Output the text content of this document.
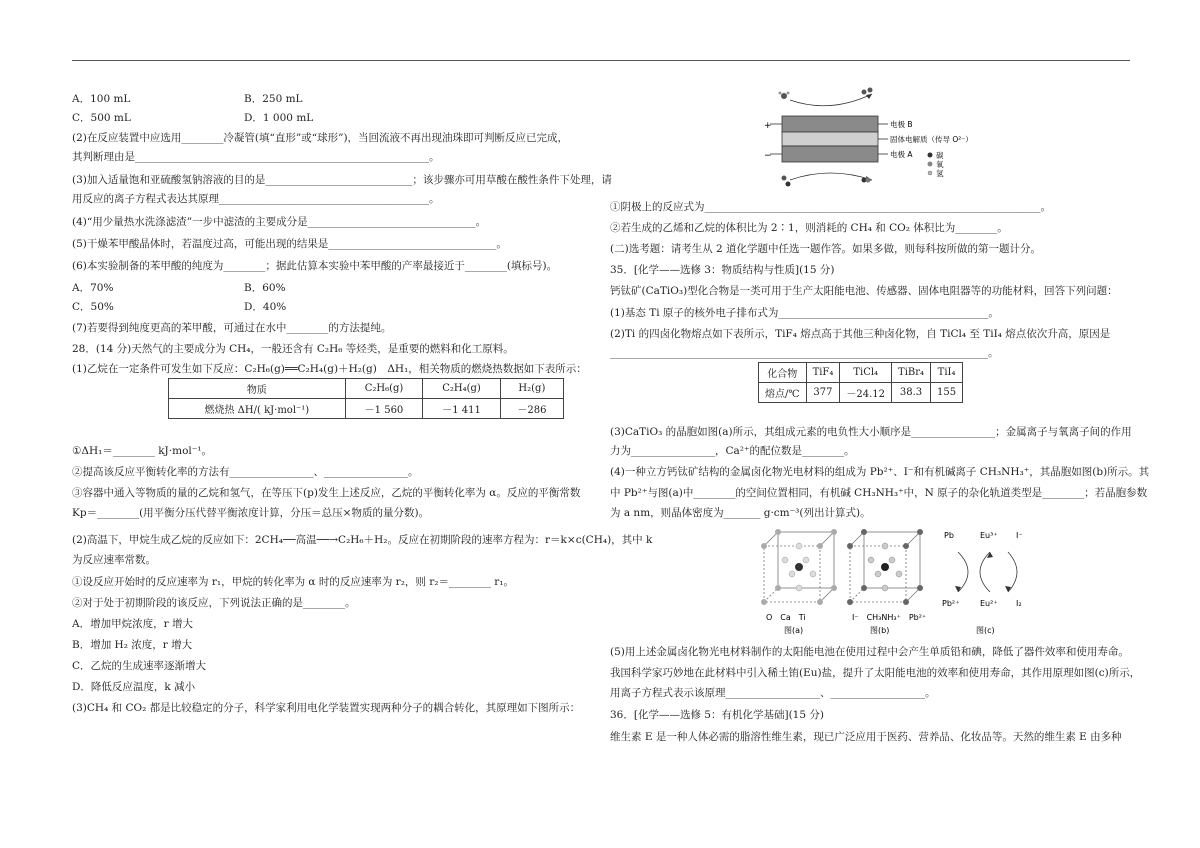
A．100 mL	B．250 mL
C．500 mL	D．1 000 mL
(2)在反应装置中应选用________冷凝管(填“直形”或“球形”)，当回流液不再出现油珠即可判断反应已完成，
其判断理由是________________________________________________________。
(3)加入适量饱和亚硫酸氢钠溶液的目的是____________________________；该步骤亦可用草酸在酸性条件下处理，请
用反应的离子方程式表达其原理________________________________________。
(4)“用少量热水洗涤滤渣”一步中滤渣的主要成分是________________________________。
(5)干燥苯甲酸晶体时，若温度过高，可能出现的结果是________________________________。
(6)本实验制备的苯甲酸的纯度为________；据此估算本实验中苯甲酸的产率最接近于________(填标号)。
A．70%	B．60%
C．50%	D．40%
(7)若要得到纯度更高的苯甲酸，可通过在水中________的方法提纯。
28．(14 分)天然气的主要成分为 CH₄，一般还含有 C₂H₆ 等烃类，是重要的燃料和化工原料。
(1)乙烷在一定条件可发生如下反应：C₂H₆(g)══C₂H₄(g)＋H₂(g)　ΔH₁，相关物质的燃烧热数据如下表所示：
物质	C₂H₆(g)	C₂H₄(g)	H₂(g)
燃烧热 ΔH/( kJ·mol⁻¹)	－1 560	－1 411	－286
①ΔH₁＝________ kJ·mol⁻¹。
②提高该反应平衡转化率的方法有________________、________________。
③容器中通入等物质的量的乙烷和氢气，在等压下(p)发生上述反应，乙烷的平衡转化率为 α。反应的平衡常数
Kp＝________(用平衡分压代替平衡浓度计算，分压＝总压×物质的量分数)。
(2)高温下，甲烷生成乙烷的反应如下：2CH₄──高温──→C₂H₆＋H₂。反应在初期阶段的速率方程为：r＝k×c(CH₄)，其中 k
为反应速率常数。
①设反应开始时的反应速率为 r₁，甲烷的转化率为 α 时的反应速率为 r₂，则 r₂＝________ r₁。
②对于处于初期阶段的该反应，下列说法正确的是________。
A．增加甲烷浓度，r 增大
B．增加 H₂ 浓度，r 增大
C．乙烷的生成速率逐渐增大
D．降低反应温度，k 减小
(3)CH₄ 和 CO₂ 都是比较稳定的分子，科学家利用电化学装置实现两种分子的耦合转化，其原理如下图所示：
+
−
电极 B
固体电解质（传导 O²⁻）
电极 A	碳
氧
氢
①阴极上的反应式为________________________________________________________________。
②若生成的乙烯和乙烷的体积比为 2∶1，则消耗的 CH₄ 和 CO₂ 体积比为________。
(二)选考题：请考生从 2 道化学题中任选一题作答。如果多做，则每科按所做的第一题计分。
35．[化学——选修 3：物质结构与性质](15 分)
钙钛矿(CaTiO₃)型化合物是一类可用于生产太阳能电池、传感器、固体电阻器等的功能材料，回答下列问题：
(1)基态 Ti 原子的核外电子排布式为________________________________________。
(2)Ti 的四卤化物熔点如下表所示，TiF₄ 熔点高于其他三种卤化物，自 TiCl₄ 至 TiI₄ 熔点依次升高，原因是
________________________________________________________________________。
化合物	TiF₄	TiCl₄	TiBr₄	TiI₄
熔点/℃	377	－24.12	38.3	155
(3)CaTiO₃ 的晶胞如图(a)所示，其组成元素的电负性大小顺序是________________；金属离子与氧离子间的作用
力为________________，Ca²⁺的配位数是________。
(4)一种立方钙钛矿结构的金属卤化物光电材料的组成为 Pb²⁺、I⁻和有机碱离子 CH₃NH₃⁺，其晶胞如图(b)所示。其
中 Pb²⁺与图(a)中________的空间位置相同，有机碱 CH₃NH₃⁺中，N 原子的杂化轨道类型是________；若晶胞参数
为 a nm，则晶体密度为_______ g·cm⁻³(列出计算式)。
Pb	Eu³⁺ I⁻
Pb²⁺	Eu²⁺ I₂
O　Ca　Ti	I⁻　CH₃NH₃⁺　Pb²⁺
图(a)	图(b)	图(c)
(5)用上述金属卤化物光电材料制作的太阳能电池在使用过程中会产生单质铅和碘，降低了器件效率和使用寿命。
我国科学家巧妙地在此材料中引入稀土铕(Eu)盐，提升了太阳能电池的效率和使用寿命，其作用原理如图(c)所示，
用离子方程式表示该原理__________________、__________________。
36．[化学——选修 5：有机化学基础](15 分)
维生素 E 是一种人体必需的脂溶性维生素，现已广泛应用于医药、营养品、化妆品等。天然的维生素 E 由多种
